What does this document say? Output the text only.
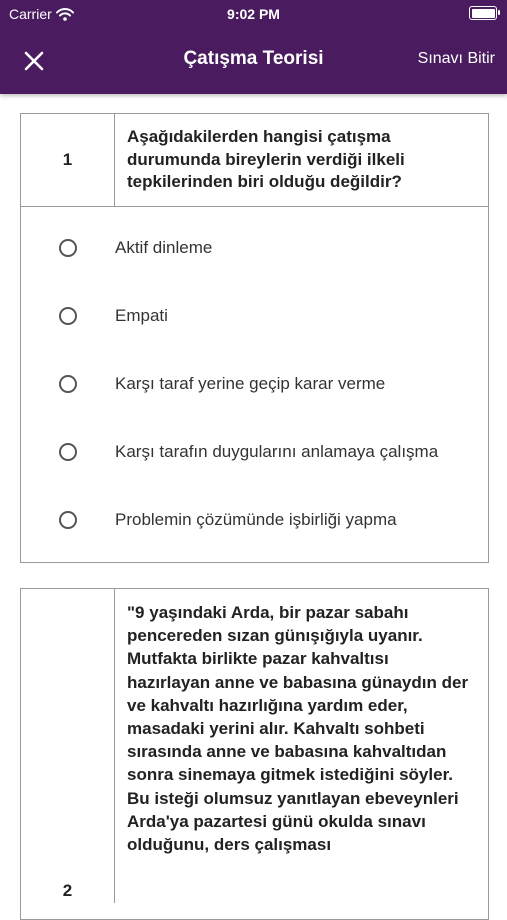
Carrier	9:02 PM
Çatışma Teorisi	Sınavı Bitir
1
Aşağıdakilerden hangisi çatışma durumunda bireylerin verdiği ilkeli tepkilerinden biri olduğu değildir?
Aktif dinleme
Empati
Karşı taraf yerine geçip karar verme
Karşı tarafın duygularını anlamaya çalışma
Problemin çözümünde işbirliği yapma
2
"9 yaşındaki Arda, bir pazar sabahı pencereden sızan günışığıyla uyanır. Mutfakta birlikte pazar kahvaltısı hazırlayan anne ve babasına günaydın der ve kahvaltı hazırlığına yardım eder, masadaki yerini alır. Kahvaltı sohbeti sırasında anne ve babasına kahvaltıdan sonra sinemaya gitmek istediğini söyler. Bu isteği olumsuz yanıtlayan ebeveynleri Arda'ya pazartesi günü okulda sınavı olduğunu, ders çalışması
